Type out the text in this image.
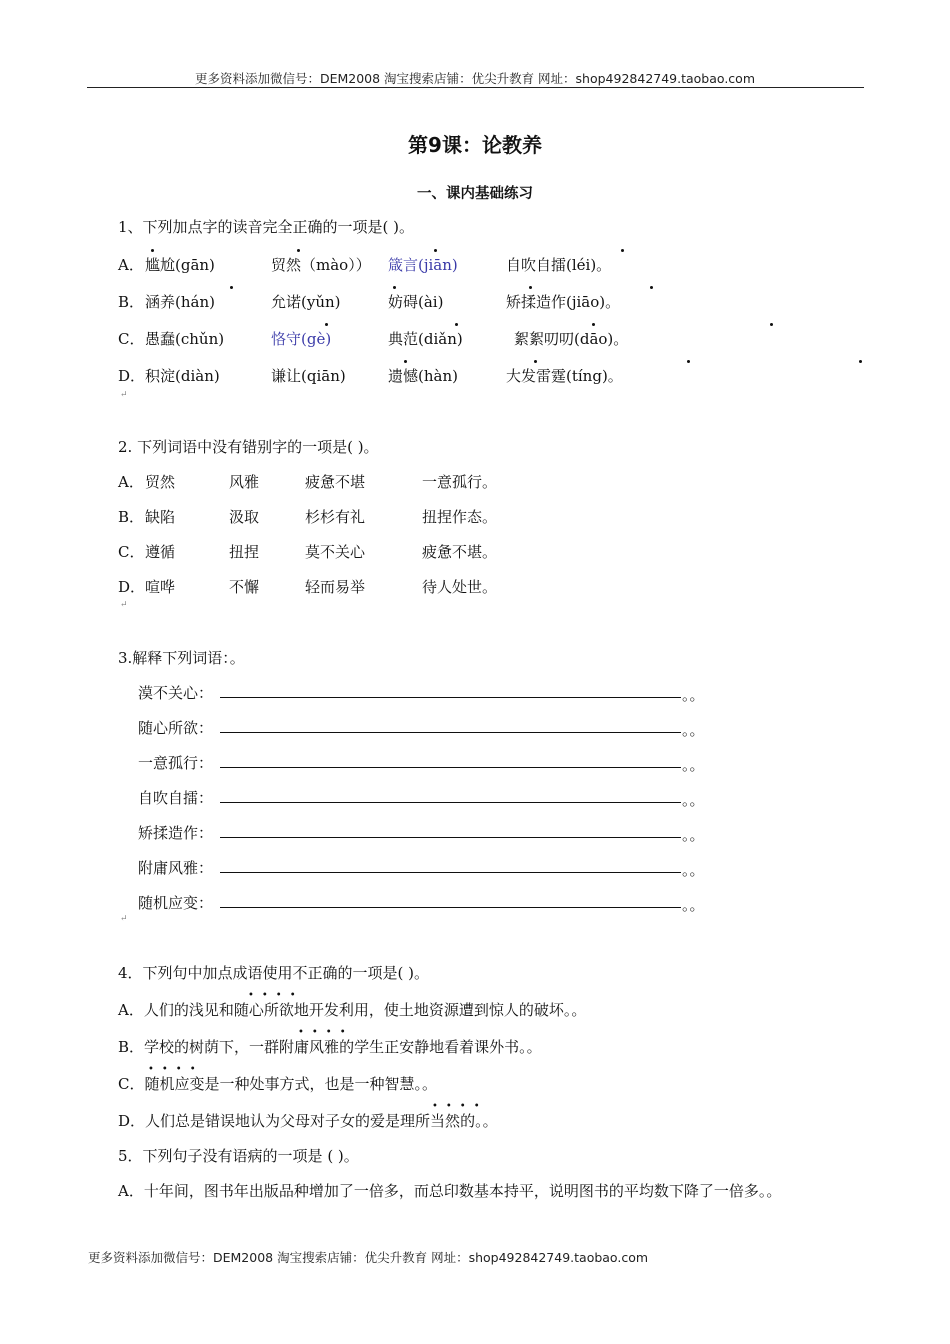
更多资料添加微信号：DEM2008 淘宝搜索店铺：优尖升教育 网址：shop492842749.taobao.com
第9课：论教养
一、课内基础练习
1、下列加点字的读音完全正确的一项是( )。
A． 尴尬(gān)	贸然（mào）） 箴言(jiān)	自吹自擂(léi)。

B． 涵养(hán)	允诺(yǔn)	妨碍(ài)	矫揉造作(jiāo)。

C． 愚蠢(chǔn)	恪守(gè)	典范(diǎn)	絮絮叨叨(dāo)。

D． 积淀(diàn)	谦让(qiān)	遗憾(hàn)	大发雷霆(tíng)。

↵
2. 下列词语中没有错别字的一项是( )。
A． 贸然	风雅	疲惫不堪	一意孤行。
B． 缺陷	汲取	杉杉有礼	扭捏作态。
C． 遵循	扭捏	莫不关心	疲惫不堪。
D． 喧哗	不懈	轻而易举	待人处世。
↵
3.解释下列词语：。
漠不关心：	。。
随心所欲：	。。
一意孤行：	。。
自吹自擂：	。。
矫揉造作：	。。
附庸风雅：	。。
随机应变：	。。
↵
4．下列句中加点成语使用不正确的一项是( )。
A．人们的浅见和随心所欲地开发利用，使土地资源遭到惊人的破坏。。
••••
B．学校的树荫下，一群附庸风雅的学生正安静地看着课外书。。
••••
C．随机应变是一种处事方式，也是一种智慧。。
••••
D．人们总是错误地认为父母对子女的爱是理所当然的。。
••••
5．下列句子没有语病的一项是 ( )。
A．十年间，图书年出版品种增加了一倍多，而总印数基本持平，说明图书的平均数下降了一倍多。。
更多资料添加微信号：DEM2008 淘宝搜索店铺：优尖升教育 网址：shop492842749.taobao.com
